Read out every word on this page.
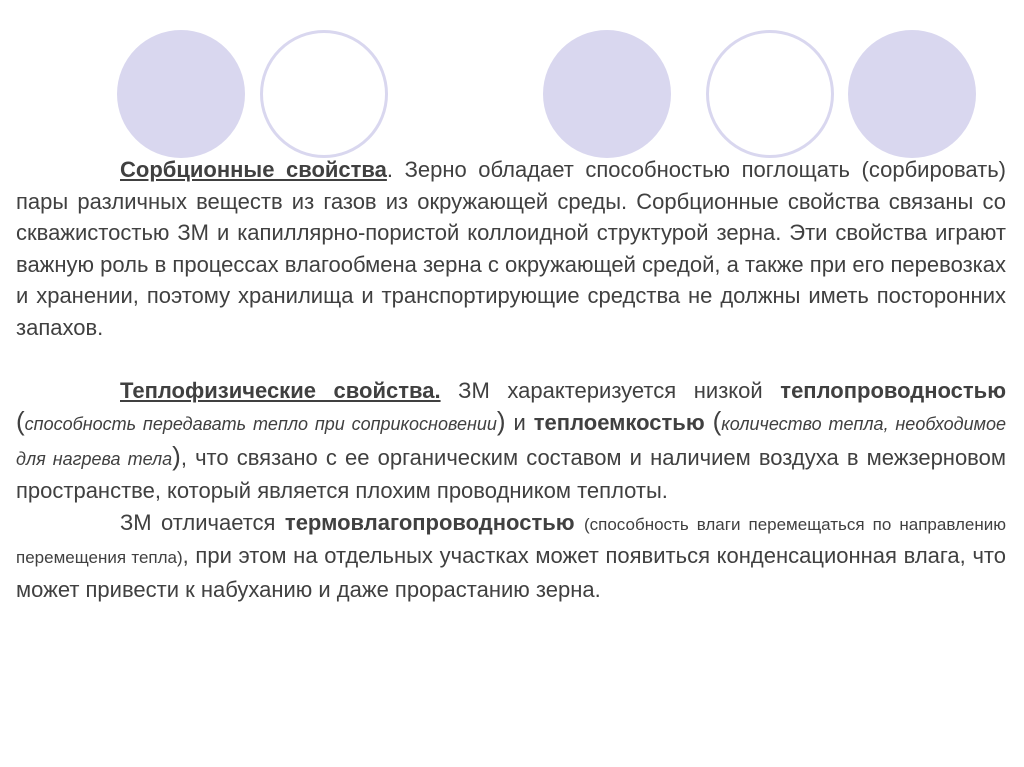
Сорбционные свойства. Зерно обладает способностью поглощать (сорбировать) пары различных веществ из газов из окружающей среды. Сорбционные свойства связаны со скважистостью ЗМ и капиллярно-пористой коллоидной структурой зерна. Эти свойства играют важную роль в процессах влагообмена зерна с окружающей средой, а также при его перевозках и хранении, поэтому хранилища и транспортирующие средства не должны иметь посторонних запахов.

Теплофизические свойства. ЗМ характеризуется низкой теплопроводностью (способность передавать тепло при соприкосновении) и теплоемкостью (количество тепла, необходимое для нагрева тела), что связано с ее органическим составом и наличием воздуха в межзерновом пространстве, который является плохим проводником теплоты.

ЗМ отличается термовлагопроводностью (способность влаги перемещаться по направлению перемещения тепла), при этом на отдельных участках может появиться конденсационная влага, что может привести к набуханию и даже прорастанию зерна.
